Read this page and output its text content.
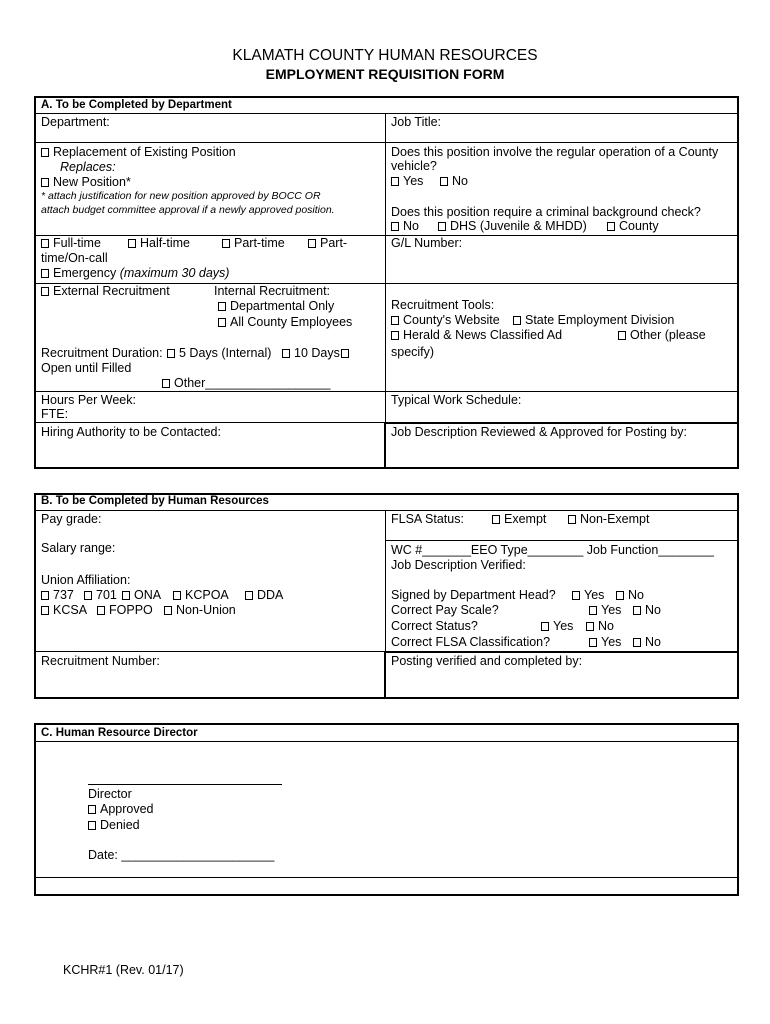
KLAMATH COUNTY HUMAN RESOURCES
EMPLOYMENT REQUISITION FORM
A. To be Completed by Department
Department:	Job Title:
Replacement of Existing Position
Replaces:
New Position*
* attach justification for new position approved by BOCC OR
attach budget committee approval if a newly approved position.
Does this position involve the regular operation of a County
vehicle?
Yes	No
Does this position require a criminal background check?
No	DHS (Juvenile & MHDD)	County
Full-time	Half-time	Part-time	Part-
time/On-call
Emergency (maximum 30 days)
G/L Number:
External Recruitment	Internal Recruitment:
Departmental Only
All County Employees
Recruitment Tools:
County's Website	State Employment Division
Herald & News Classified Ad	Other (please
specify)
Recruitment Duration:	5 Days (Internal)	10 Days
Open until Filled
Other__________________
Hours Per Week:
FTE:
Typical Work Schedule:
Hiring Authority to be Contacted:	Job Description Reviewed & Approved for Posting by:
B. To be Completed by Human Resources
Pay grade:	FLSA Status:	Exempt	Non-Exempt
Salary range:	WC #_______EEO Type________ Job Function________
Job Description Verified:
Union Affiliation:
737	701	ONA	KCPOA	DDA
KCSA	FOPPO	Non-Union
Signed by Department Head?	Yes	No
Correct Pay Scale?	Yes	No
Correct Status?	Yes	No
Correct FLSA Classification?	Yes	No
Recruitment Number:	Posting verified and completed by:
C. Human Resource Director
Director
Approved
Denied
Date: ______________________
KCHR#1 (Rev. 01/17)
